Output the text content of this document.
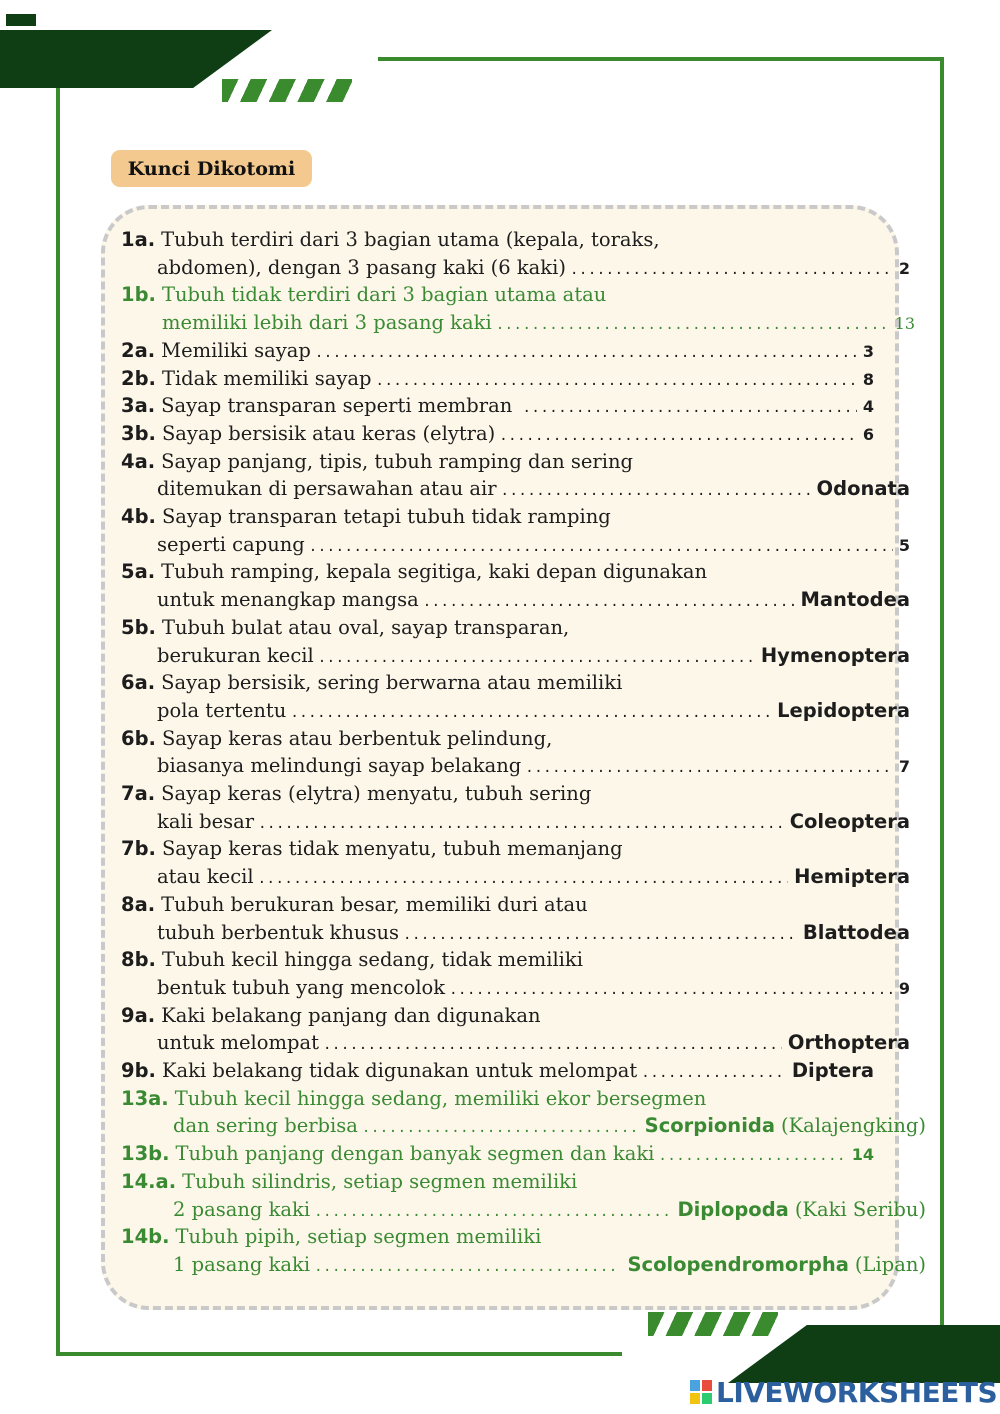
Kunci Dikotomi
1a. Tubuh terdiri dari 3 bagian utama (kepala, toraks,
abdomen), dengan 3 pasang kaki (6 kaki) .....	2
1b. Tubuh tidak terdiri dari 3 bagian utama atau
memiliki lebih dari 3 pasang kaki .....	13
2a. Memiliki sayap .....	3
2b. Tidak memiliki sayap .....	8
3a. Sayap transparan seperti membran .....	4
3b. Sayap bersisik atau keras (elytra) .....	6
4a. Sayap panjang, tipis, tubuh ramping dan sering
ditemukan di persawahan atau air .....	Odonata
4b. Sayap transparan tetapi tubuh tidak ramping
seperti capung .....	5
5a. Tubuh ramping, kepala segitiga, kaki depan digunakan
untuk menangkap mangsa .....	Mantodea
5b. Tubuh bulat atau oval, sayap transparan,
berukuran kecil .....	Hymenoptera
6a. Sayap bersisik, sering berwarna atau memiliki
pola tertentu .....	Lepidoptera
6b. Sayap keras atau berbentuk pelindung,
biasanya melindungi sayap belakang .....	7
7a. Sayap keras (elytra) menyatu, tubuh sering
kali besar .....	Coleoptera
7b. Sayap keras tidak menyatu, tubuh memanjang
atau kecil .....	Hemiptera
8a. Tubuh berukuran besar, memiliki duri atau
tubuh berbentuk khusus .....	Blattodea
8b. Tubuh kecil hingga sedang, tidak memiliki
bentuk tubuh yang mencolok .....	9
9a. Kaki belakang panjang dan digunakan
untuk melompat .....	Orthoptera
9b. Kaki belakang tidak digunakan untuk melompat .....	Diptera
13a. Tubuh kecil hingga sedang, memiliki ekor bersegmen
dan sering berbisa .....	Scorpionida (Kalajengking)
13b. Tubuh panjang dengan banyak segmen dan kaki .....	14
14.a. Tubuh silindris, setiap segmen memiliki
2 pasang kaki .....	Diplopoda (Kaki Seribu)
14b. Tubuh pipih, setiap segmen memiliki
1 pasang kaki .....	Scolopendromorpha (Lipan)
LIVEWORKSHEETS
